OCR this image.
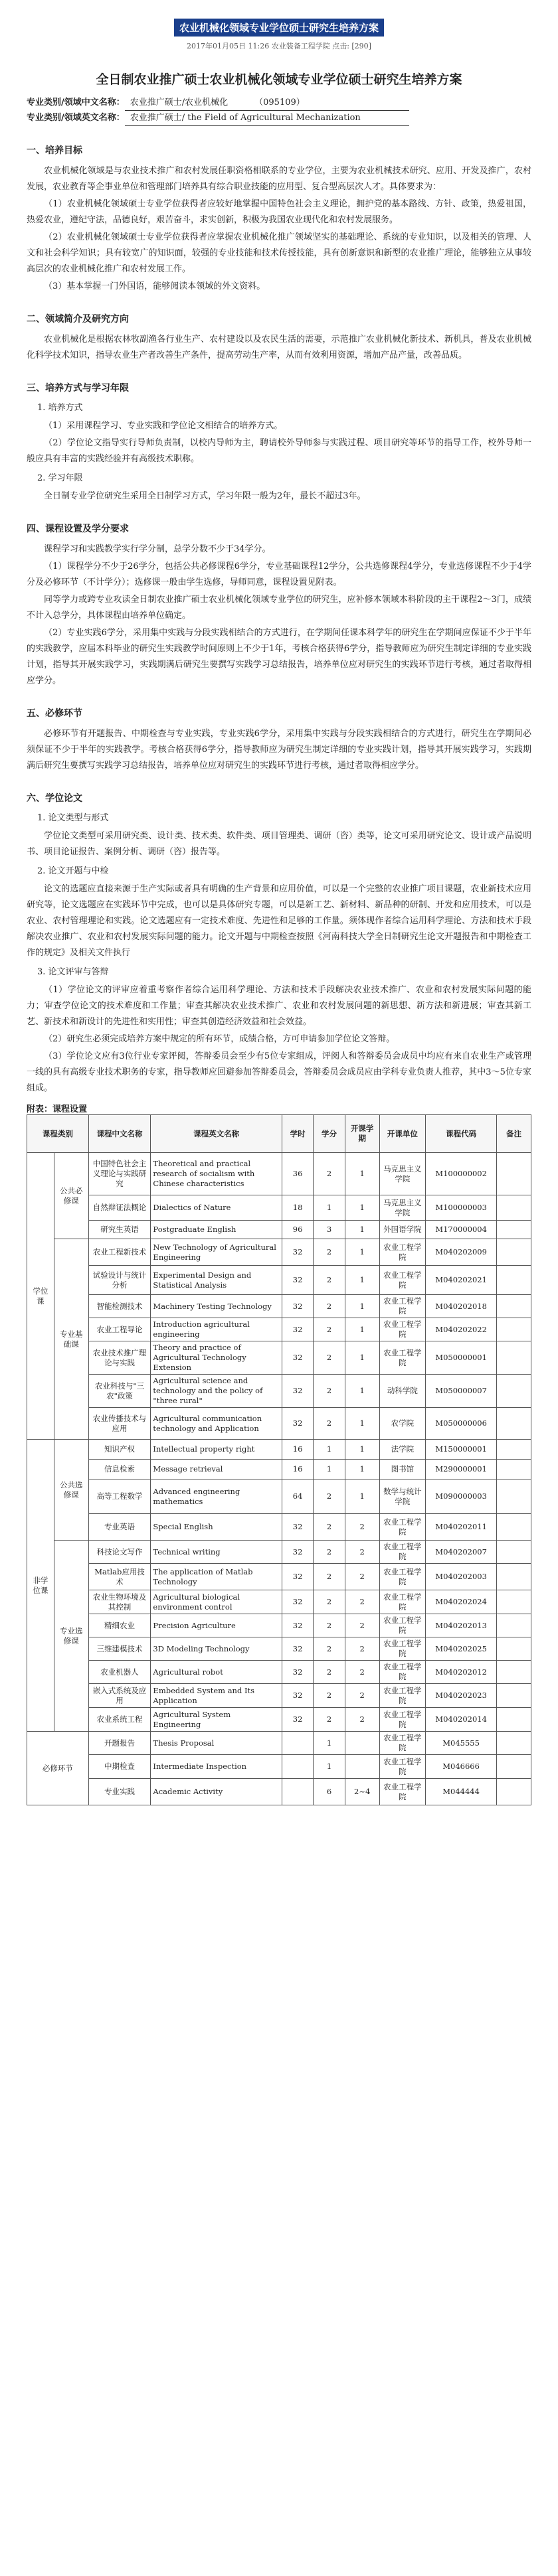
农业机械化领域专业学位硕士研究生培养方案
2017年01月05日 11:26 农业装备工程学院 点击: [290]
全日制农业推广硕士农业机械化领域专业学位硕士研究生培养方案
专业类别/领域中文名称： 农业推广硕士/农业机械化	（095109）
专业类别/领域英文名称： 农业推广硕士/ the Field of Agricultural Mechanization
一、培养目标

农业机械化领域是与农业技术推广和农村发展任职资格相联系的专业学位，主要为农业机械技术研究、应用、开发及推广，农村发展，农业教育等企事业单位和管理部门培养具有综合职业技能的应用型、复合型高层次人才。具体要求为：

（1）农业机械化领域硕士专业学位获得者应较好地掌握中国特色社会主义理论，拥护党的基本路线、方针、政策，热爱祖国，热爱农业，遵纪守法，品德良好，艰苦奋斗，求实创新，积极为我国农业现代化和农村发展服务。

（2）农业机械化领域硕士专业学位获得者应掌握农业机械化推广领域坚实的基础理论、系统的专业知识，以及相关的管理、人文和社会科学知识；具有较宽广的知识面，较强的专业技能和技术传授技能，具有创新意识和新型的农业推广理论，能够独立从事较高层次的农业机械化推广和农村发展工作。

（3）基本掌握一门外国语，能够阅读本领域的外文资料。

二、领域简介及研究方向

农业机械化是根据农林牧副渔各行业生产、农村建设以及农民生活的需要，示范推广农业机械化新技术、新机具，普及农业机械化科学技术知识，指导农业生产者改善生产条件，提高劳动生产率，从而有效利用资源，增加产品产量，改善品质。

三、培养方式与学习年限

1. 培养方式

（1）采用课程学习、专业实践和学位论文相结合的培养方式。

（2）学位论文指导实行导师负责制，以校内导师为主，聘请校外导师参与实践过程、项目研究等环节的指导工作，校外导师一般应具有丰富的实践经验并有高级技术职称。

2. 学习年限

全日制专业学位研究生采用全日制学习方式，学习年限一般为2年，最长不超过3年。

四、课程设置及学分要求

课程学习和实践教学实行学分制，总学分数不少于34学分。

（1）课程学分不少于26学分，包括公共必修课程6学分，专业基础课程12学分，公共选修课程4学分，专业选修课程不少于4学分及必修环节（不计学分）；选修课一般由学生选修，导师同意，课程设置见附表。

同等学力或跨专业攻读全日制农业推广硕士农业机械化领域专业学位的研究生，应补修本领域本科阶段的主干课程2～3门，成绩不计入总学分，具体课程由培养单位确定。

（2）专业实践6学分，采用集中实践与分段实践相结合的方式进行，在学期间任课本科学年的研究生在学期间应保证不少于半年的实践教学，应届本科毕业的研究生实践教学时间原则上不少于1年，考核合格获得6学分，指导教师应为研究生制定详细的专业实践计划，指导其开展实践学习，实践期满后研究生要撰写实践学习总结报告，培养单位应对研究生的实践环节进行考核，通过者取得相应学分。

五、必修环节

必修环节有开题报告、中期检查与专业实践，专业实践6学分，采用集中实践与分段实践相结合的方式进行，研究生在学期间必须保证不少于半年的实践教学。考核合格获得6学分，指导教师应为研究生制定详细的专业实践计划，指导其开展实践学习，实践期满后研究生要撰写实践学习总结报告，培养单位应对研究生的实践环节进行考核，通过者取得相应学分。

六、学位论文

1. 论文类型与形式

学位论文类型可采用研究类、设计类、技术类、软件类、项目管理类、调研（咨）类等，论文可采用研究论文、设计或产品说明书、项目论证报告、案例分析、调研（咨）报告等。

2. 论文开题与中检

论文的选题应直接来源于生产实际或者具有明确的生产背景和应用价值，可以是一个完整的农业推广项目课题，农业新技术应用研究等，论文选题应在实践环节中完成，也可以是具体研究专题，可以是新工艺、新材料、新品种的研制、开发和应用技术，可以是农业、农村管理理论和实践。论文选题应有一定技术难度、先进性和足够的工作量。须体现作者综合运用科学理论、方法和技术手段解决农业推广、农业和农村发展实际问题的能力。论文开题与中期检查按照《河南科技大学全日制研究生论文开题报告和中期检查工作的规定》及相关文件执行

3. 论文评审与答辩

（1）学位论文的评审应着重考察作者综合运用科学理论、方法和技术手段解决农业技术推广、农业和农村发展实际问题的能力；审查学位论文的技术难度和工作量；审查其解决农业技术推广、农业和农村发展问题的新思想、新方法和新进展；审查其新工艺、新技术和新设计的先进性和实用性；审查其创造经济效益和社会效益。

（2）研究生必须完成培养方案中规定的所有环节，成绩合格，方可申请参加学位论文答辩。

（3）学位论文应有3位行业专家评阅，答辩委员会至少有5位专家组成，评阅人和答辩委员会成员中均应有来自农业生产或管理一线的具有高级专业技术职务的专家，指导教师应回避参加答辩委员会，答辩委员会成员应由学科专业负责人推荐，其中3～5位专家组成。

附表：课程设置
课程类别		课程中文名称	课程英文名称	学时	学分	开课学期	开课单位	课程代码	备注
学位课	公共必修课	中国特色社会主义理论与实践研究	Theoretical and practical research of socialism with Chinese characteristics	36	2	1	马克思主义学院	M100000002	
		自然辩证法概论	Dialectics of Nature	18	1	1	马克思主义学院	M100000003	
		研究生英语	Postgraduate English	96	3	1	外国语学院	M170000004	
	专业基础课	农业工程新技术	New Technology of Agricultural Engineering	32	2	1	农业工程学院	M040202009	
		试验设计与统计分析	Experimental Design and Statistical Analysis	32	2	1	农业工程学院	M040202021	
		智能检测技术	Machinery Testing Technology	32	2	1	农业工程学院	M040202018	
		农业工程导论	Introduction agricultural engineering	32	2	1	农业工程学院	M040202022	
		农业技术推广理论与实践	Theory and practice of Agricultural Technology Extension	32	2	1	农业工程学院	M050000001	
		农业科技与"三农"政策	Agricultural science and technology and the policy of "three rural"	32	2	1	动科学院	M050000007	
		农业传播技术与应用	Agricultural communication technology and Application	32	2	1	农学院	M050000006	
非学位课	公共选修课	知识产权	Intellectual property right	16	1	1	法学院	M150000001	
		信息检索	Message retrieval	16	1	1	图书馆	M290000001	
		高等工程数学	Advanced engineering mathematics	64	2	1	数学与统计学院	M090000003	
		专业英语	Special English	32	2	2	农业工程学院	M040202011	
	专业选修课	科技论文写作	Technical writing	32	2	2	农业工程学院	M040202007	
		Matlab应用技术	The application of Matlab Technology	32	2	2	农业工程学院	M040202003	
		农业生物环境及其控制	Agricultural biological environment control	32	2	2	农业工程学院	M040202024	
		精细农业	Precision Agriculture	32	2	2	农业工程学院	M040202013	
		三维建模技术	3D Modeling Technology	32	2	2	农业工程学院	M040202025	
		农业机器人	Agricultural robot	32	2	2	农业工程学院	M040202012	
		嵌入式系统及应用	Embedded System and Its Application	32	2	2	农业工程学院	M040202023	
		农业系统工程	Agricultural System Engineering	32	2	2	农业工程学院	M040202014	
必修环节		开题报告	Thesis Proposal		1		农业工程学院	M045555	
		中期检查	Intermediate Inspection		1		农业工程学院	M046666	
		专业实践	Academic Activity		6	2~4	农业工程学院	M044444	
